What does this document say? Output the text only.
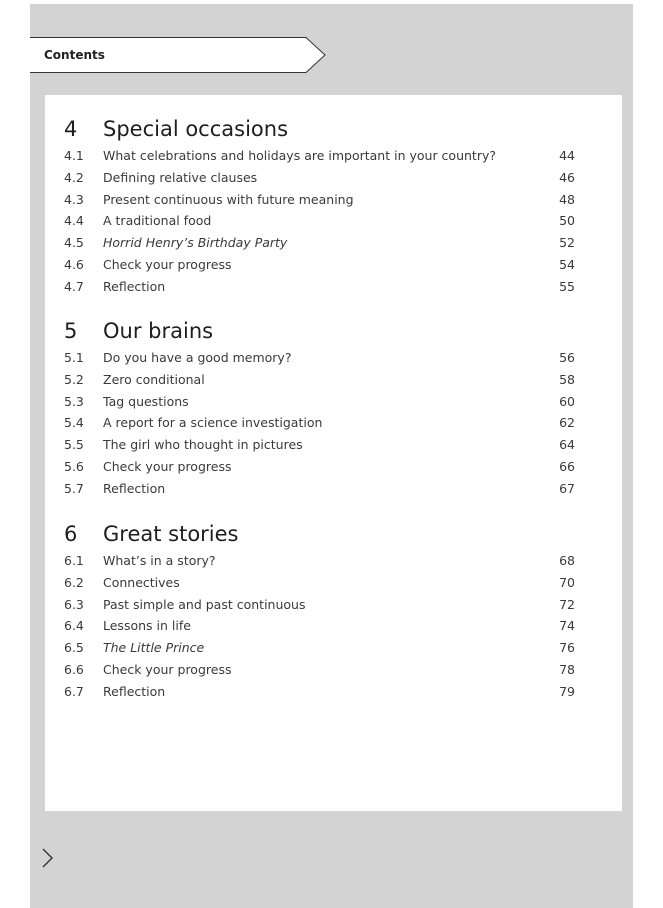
Contents
4 Special occasions
4.1 What celebrations and holidays are important in your country?	44
4.2 Defining relative clauses	46
4.3 Present continuous with future meaning	48
4.4 A traditional food	50
4.5 Horrid Henry’s Birthday Party	52
4.6 Check your progress	54
4.7 Reflection	55
5 Our brains
5.1 Do you have a good memory?	56
5.2 Zero conditional	58
5.3 Tag questions	60
5.4 A report for a science investigation	62
5.5 The girl who thought in pictures	64
5.6 Check your progress	66
5.7 Reflection	67
6 Great stories
6.1 What’s in a story?	68
6.2 Connectives	70
6.3 Past simple and past continuous	72
6.4 Lessons in life	74
6.5 The Little Prince	76
6.6 Check your progress	78
6.7 Reflection	79
